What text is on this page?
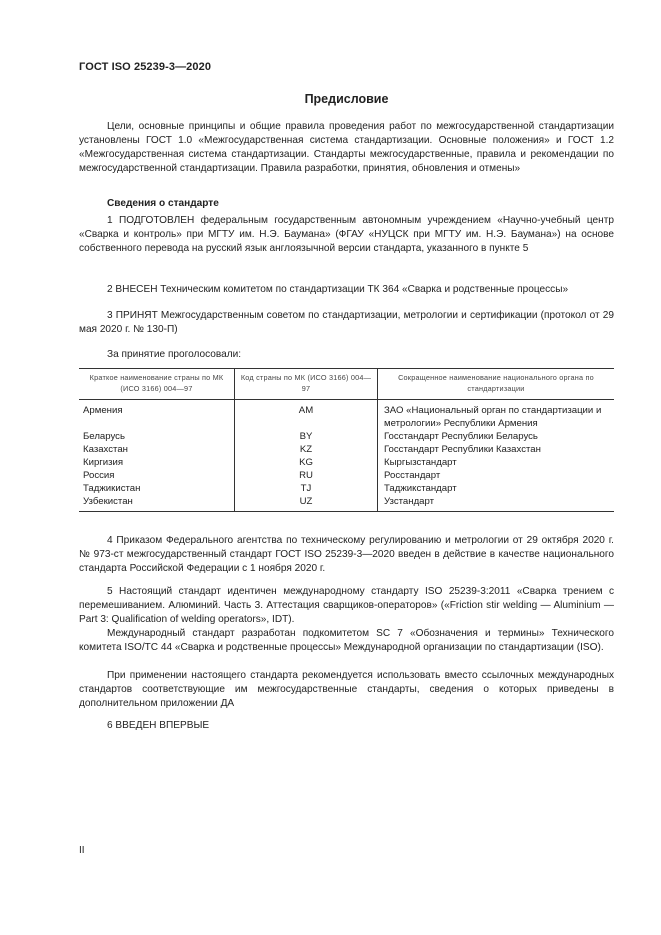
ГОСТ ISO 25239-3—2020
Предисловие

Цели, основные принципы и общие правила проведения работ по межгосударственной стандартизации установлены ГОСТ 1.0 «Межгосударственная система стандартизации. Основные положения» и ГОСТ 1.2 «Межгосударственная система стандартизации. Стандарты межгосударственные, правила и рекомендации по межгосударственной стандартизации. Правила разработки, принятия, обновления и отмены»

Сведения о стандарте

1 ПОДГОТОВЛЕН федеральным государственным автономным учреждением «Научно-учебный центр «Сварка и контроль» при МГТУ им. Н.Э. Баумана» (ФГАУ «НУЦСК при МГТУ им. Н.Э. Баумана») на основе собственного перевода на русский язык англоязычной версии стандарта, указанного в пункте 5

2 ВНЕСЕН Техническим комитетом по стандартизации ТК 364 «Сварка и родственные процессы»

3 ПРИНЯТ Межгосударственным советом по стандартизации, метрологии и сертификации (протокол от 29 мая 2020 г. № 130-П)

За принятие проголосовали:

Краткое наименование страны по МК (ИСО 3166) 004—97	Код страны по МК (ИСО 3166) 004—97	Сокращенное наименование национального органа по стандартизации
Армения	AM	ЗАО «Национальный орган по стандартизации и метрологии» Республики Армения
Беларусь	BY	Госстандарт Республики Беларусь
Казахстан	KZ	Госстандарт Республики Казахстан
Киргизия	KG	Кыргызстандарт
Россия	RU	Росстандарт
Таджикистан	TJ	Таджикстандарт
Узбекистан	UZ	Узстандарт

4 Приказом Федерального агентства по техническому регулированию и метрологии от 29 октября 2020 г. № 973-ст межгосударственный стандарт ГОСТ ISO 25239-3—2020 введен в действие в качестве национального стандарта Российской Федерации с 1 ноября 2020 г.

5 Настоящий стандарт идентичен международному стандарту ISO 25239-3:2011 «Сварка трением с перемешиванием. Алюминий. Часть 3. Аттестация сварщиков-операторов» («Friction stir welding — Aluminium — Part 3: Qualification of welding operators», IDT).

Международный стандарт разработан подкомитетом SC 7 «Обозначения и термины» Технического комитета ISO/TC 44 «Сварка и родственные процессы» Международной организации по стандартизации (ISO).

При применении настоящего стандарта рекомендуется использовать вместо ссылочных международных стандартов соответствующие им межгосударственные стандарты, сведения о которых приведены в дополнительном приложении ДА

6 ВВЕДЕН ВПЕРВЫЕ

II
